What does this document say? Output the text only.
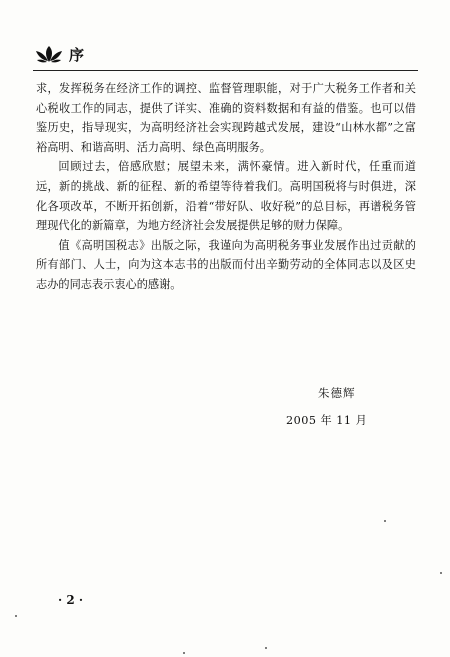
序

求，发挥税务在经济工作的调控、监督管理职能，对于广大税务工作者和关心税收工作的同志，提供了详实、准确的资料数据和有益的借鉴。也可以借鉴历史，指导现实，为高明经济社会实现跨越式发展，建设“山林水都”之富裕高明、和谐高明、活力高明、绿色高明服务。

回顾过去，倍感欣慰；展望未来，满怀豪情。进入新时代，任重而道远，新的挑战、新的征程、新的希望等待着我们。高明国税将与时俱进，深化各项改革，不断开拓创新，沿着“带好队、收好税”的总目标，再谱税务管理现代化的新篇章，为地方经济社会发展提供足够的财力保障。

值《高明国税志》出版之际，我谨向为高明税务事业发展作出过贡献的所有部门、人士，向为这本志书的出版而付出辛勤劳动的全体同志以及区史志办的同志表示衷心的感谢。

朱德辉
2005 年 11 月
· 2 ·
